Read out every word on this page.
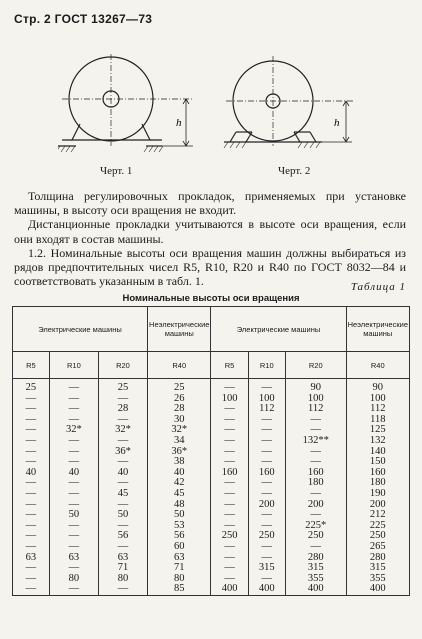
Стр. 2 ГОСТ 13267—73
h	h
Черт. 1	Черт. 2

Толщина регулировочных прокладок, применяемых при установке машины, в высоту оси вращения не входит.

Дистанционные прокладки учитываются в высоте оси вращения, если они входят в состав машины.

1.2. Номинальные высоты оси вращения машин должны выбираться из рядов предпочтительных чисел R5, R10, R20 и R40 по ГОСТ 8032—84 и соответствовать указанным в табл. 1.	Таблица 1
Номинальные высоты оси вращения
Электрические машины			Неэлектрические машины	Электрические машины			Неэлектрические машины
R5	R10	R20	R40	R5	R10	R20	R40
25	—	25	25	—	—	90	90
—	—	—	26	100	100	100	100
—	—	28	28	—	112	112	112
—	—	—	30	—	—	—	118
—	32*	32*	32*	—	—	—	125
—	—	—	34	—	—	132**	132
—	—	36*	36*	—	—	—	140
—	—	—	38	—	—	—	150
40	40	40	40	160	160	160	160
—	—	—	42	—	—	180	180
—	—	45	45	—	—	—	190
—	—	—	48	—	200	200	200
—	50	50	50	—	—	—	212
—	—	—	53	—	—	225*	225
—	—	56	56	250	250	250	250
—	—	—	60	—	—	—	265
63	63	63	63	—	—	280	280
—	—	71	71	—	315	315	315
—	80	80	80	—	—	355	355
—	—	—	85	400	400	400	400
